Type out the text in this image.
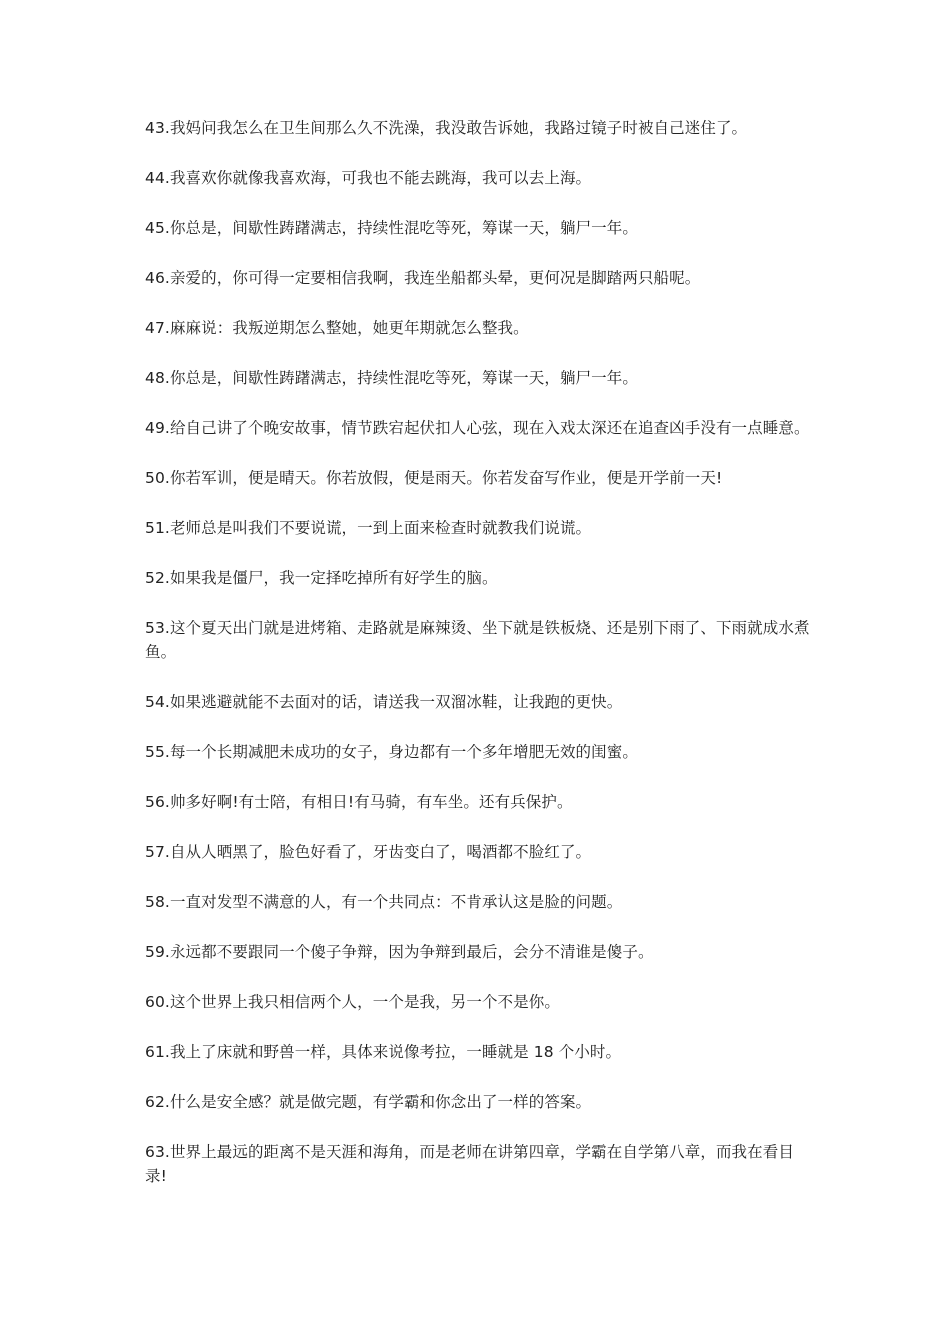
43.我妈问我怎么在卫生间那么久不洗澡，我没敢告诉她，我路过镜子时被自己迷住了。

44.我喜欢你就像我喜欢海，可我也不能去跳海，我可以去上海。

45.你总是，间歇性踌躇满志，持续性混吃等死，筹谋一天，躺尸一年。

46.亲爱的，你可得一定要相信我啊，我连坐船都头晕，更何况是脚踏两只船呢。

47.麻麻说：我叛逆期怎么整她，她更年期就怎么整我。

48.你总是，间歇性踌躇满志，持续性混吃等死，筹谋一天，躺尸一年。

49.给自己讲了个晚安故事，情节跌宕起伏扣人心弦，现在入戏太深还在追查凶手没有一点睡意。

50.你若军训，便是晴天。你若放假，便是雨天。你若发奋写作业，便是开学前一天!

51.老师总是叫我们不要说谎，一到上面来检查时就教我们说谎。

52.如果我是僵尸，我一定择吃掉所有好学生的脑。

53.这个夏天出门就是进烤箱、走路就是麻辣烫、坐下就是铁板烧、还是别下雨了、下雨就成水煮鱼。

54.如果逃避就能不去面对的话，请送我一双溜冰鞋，让我跑的更快。

55.每一个长期减肥未成功的女子，身边都有一个多年增肥无效的闺蜜。

56.帅多好啊!有士陪，有相日!有马骑，有车坐。还有兵保护。

57.自从人晒黑了，脸色好看了，牙齿变白了，喝酒都不脸红了。

58.一直对发型不满意的人，有一个共同点：不肯承认这是脸的问题。

59.永远都不要跟同一个傻子争辩，因为争辩到最后，会分不清谁是傻子。

60.这个世界上我只相信两个人，一个是我，另一个不是你。

61.我上了床就和野兽一样，具体来说像考拉，一睡就是 18 个小时。

62.什么是安全感？就是做完题，有学霸和你念出了一样的答案。

63.世界上最远的距离不是天涯和海角，而是老师在讲第四章，学霸在自学第八章，而我在看目录!
